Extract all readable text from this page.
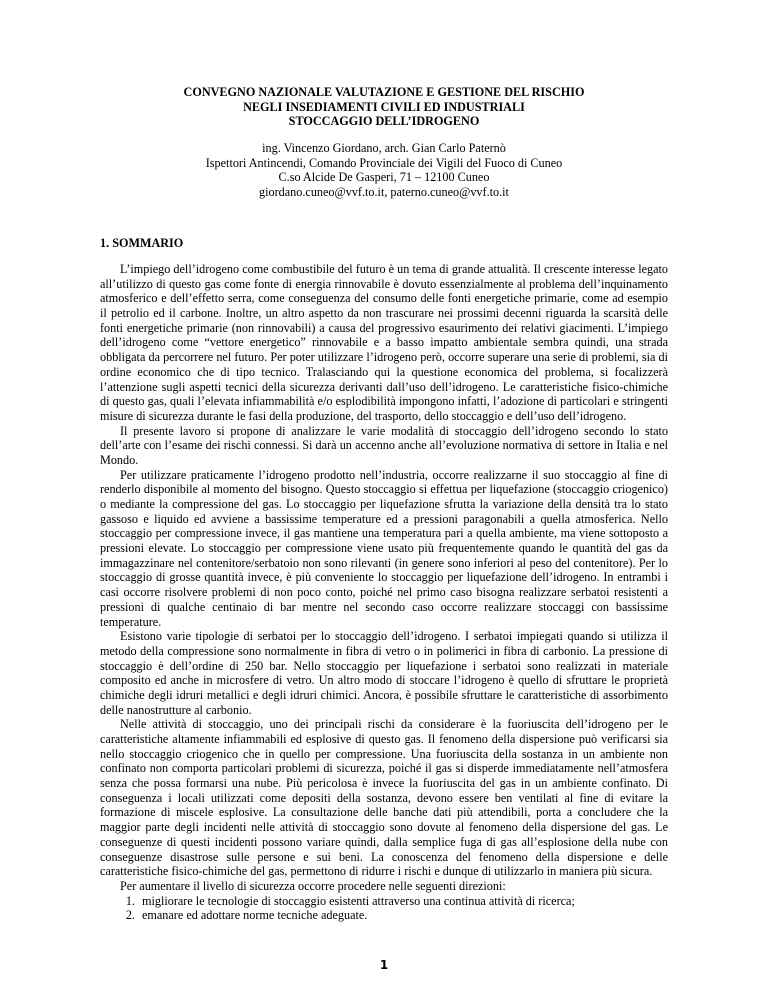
CONVEGNO NAZIONALE VALUTAZIONE E GESTIONE DEL RISCHIO
NEGLI INSEDIAMENTI CIVILI ED INDUSTRIALI
STOCCAGGIO DELL’IDROGENO
ing. Vincenzo Giordano, arch. Gian Carlo Paternò
Ispettori Antincendi, Comando Provinciale dei Vigili del Fuoco di Cuneo
C.so Alcide De Gasperi, 71 – 12100 Cuneo
giordano.cuneo@vvf.to.it, paterno.cuneo@vvf.to.it
1. SOMMARIO

L’impiego dell’idrogeno come combustibile del futuro è un tema di grande attualità. Il crescente interesse legato all’utilizzo di questo gas come fonte di energia rinnovabile è dovuto essenzialmente al problema dell’inquinamento atmosferico e dell’effetto serra, come conseguenza del consumo delle fonti energetiche primarie, come ad esempio il petrolio ed il carbone. Inoltre, un altro aspetto da non trascurare nei prossimi decenni riguarda la scarsità delle fonti energetiche primarie (non rinnovabili) a causa del progressivo esaurimento dei relativi giacimenti. L’impiego dell’idrogeno come “vettore energetico” rinnovabile e a basso impatto ambientale sembra quindi, una strada obbligata da percorrere nel futuro. Per poter utilizzare l’idrogeno però, occorre superare una serie di problemi, sia di ordine economico che di tipo tecnico. Tralasciando qui la questione economica del problema, si focalizzerà l’attenzione sugli aspetti tecnici della sicurezza derivanti dall’uso dell’idrogeno. Le caratteristiche fisico-chimiche di questo gas, quali l’elevata infiammabilità e/o esplodibilità impongono infatti, l’adozione di particolari e stringenti misure di sicurezza durante le fasi della produzione, del trasporto, dello stoccaggio e dell’uso dell’idrogeno.

Il presente lavoro si propone di analizzare le varie modalità di stoccaggio dell’idrogeno secondo lo stato dell’arte con l’esame dei rischi connessi. Si darà un accenno anche all’evoluzione normativa di settore in Italia e nel Mondo.

Per utilizzare praticamente l’idrogeno prodotto nell’industria, occorre realizzarne il suo stoccaggio al fine di renderlo disponibile al momento del bisogno. Questo stoccaggio si effettua per liquefazione (stoccaggio criogenico) o mediante la compressione del gas. Lo stoccaggio per liquefazione sfrutta la variazione della densità tra lo stato gassoso e liquido ed avviene a bassissime temperature ed a pressioni paragonabili a quella atmosferica. Nello stoccaggio per compressione invece, il gas mantiene una temperatura pari a quella ambiente, ma viene sottoposto a pressioni elevate. Lo stoccaggio per compressione viene usato più frequentemente quando le quantità del gas da immagazzinare nel contenitore/serbatoio non sono rilevanti (in genere sono inferiori al peso del contenitore). Per lo stoccaggio di grosse quantità invece, è più conveniente lo stoccaggio per liquefazione dell’idrogeno. In entrambi i casi occorre risolvere problemi di non poco conto, poiché nel primo caso bisogna realizzare serbatoi resistenti a pressioni di qualche centinaio di bar mentre nel secondo caso occorre realizzare stoccaggi con bassissime temperature.

Esistono varie tipologie di serbatoi per lo stoccaggio dell’idrogeno. I serbatoi impiegati quando si utilizza il metodo della compressione sono normalmente in fibra di vetro o in polimerici in fibra di carbonio. La pressione di stoccaggio è dell’ordine di 250 bar. Nello stoccaggio per liquefazione i serbatoi sono realizzati in materiale composito ed anche in microsfere di vetro. Un altro modo di stoccare l’idrogeno è quello di sfruttare le proprietà chimiche degli idruri metallici e degli idruri chimici. Ancora, è possibile sfruttare le caratteristiche di assorbimento delle nanostrutture al carbonio.

Nelle attività di stoccaggio, uno dei principali rischi da considerare è la fuoriuscita dell’idrogeno per le caratteristiche altamente infiammabili ed esplosive di questo gas. Il fenomeno della dispersione può verificarsi sia nello stoccaggio criogenico che in quello per compressione. Una fuoriuscita della sostanza in un ambiente non confinato non comporta particolari problemi di sicurezza, poiché il gas si disperde immediatamente nell’atmosfera senza che possa formarsi una nube. Più pericolosa è invece la fuoriuscita del gas in un ambiente confinato. Di conseguenza i locali utilizzati come depositi della sostanza, devono essere ben ventilati al fine di evitare la formazione di miscele esplosive. La consultazione delle banche dati più attendibili, porta a concludere che la maggior parte degli incidenti nelle attività di stoccaggio sono dovute al fenomeno della dispersione del gas. Le conseguenze di questi incidenti possono variare quindi, dalla semplice fuga di gas all’esplosione della nube con conseguenze disastrose sulle persone e sui beni. La conoscenza del fenomeno della dispersione e delle caratteristiche fisico-chimiche del gas, permettono di ridurre i rischi e dunque di utilizzarlo in maniera più sicura.

Per aumentare il livello di sicurezza occorre procedere nelle seguenti direzioni:

1. migliorare le tecnologie di stoccaggio esistenti attraverso una continua attività di ricerca;
2. emanare ed adottare norme tecniche adeguate.
1
